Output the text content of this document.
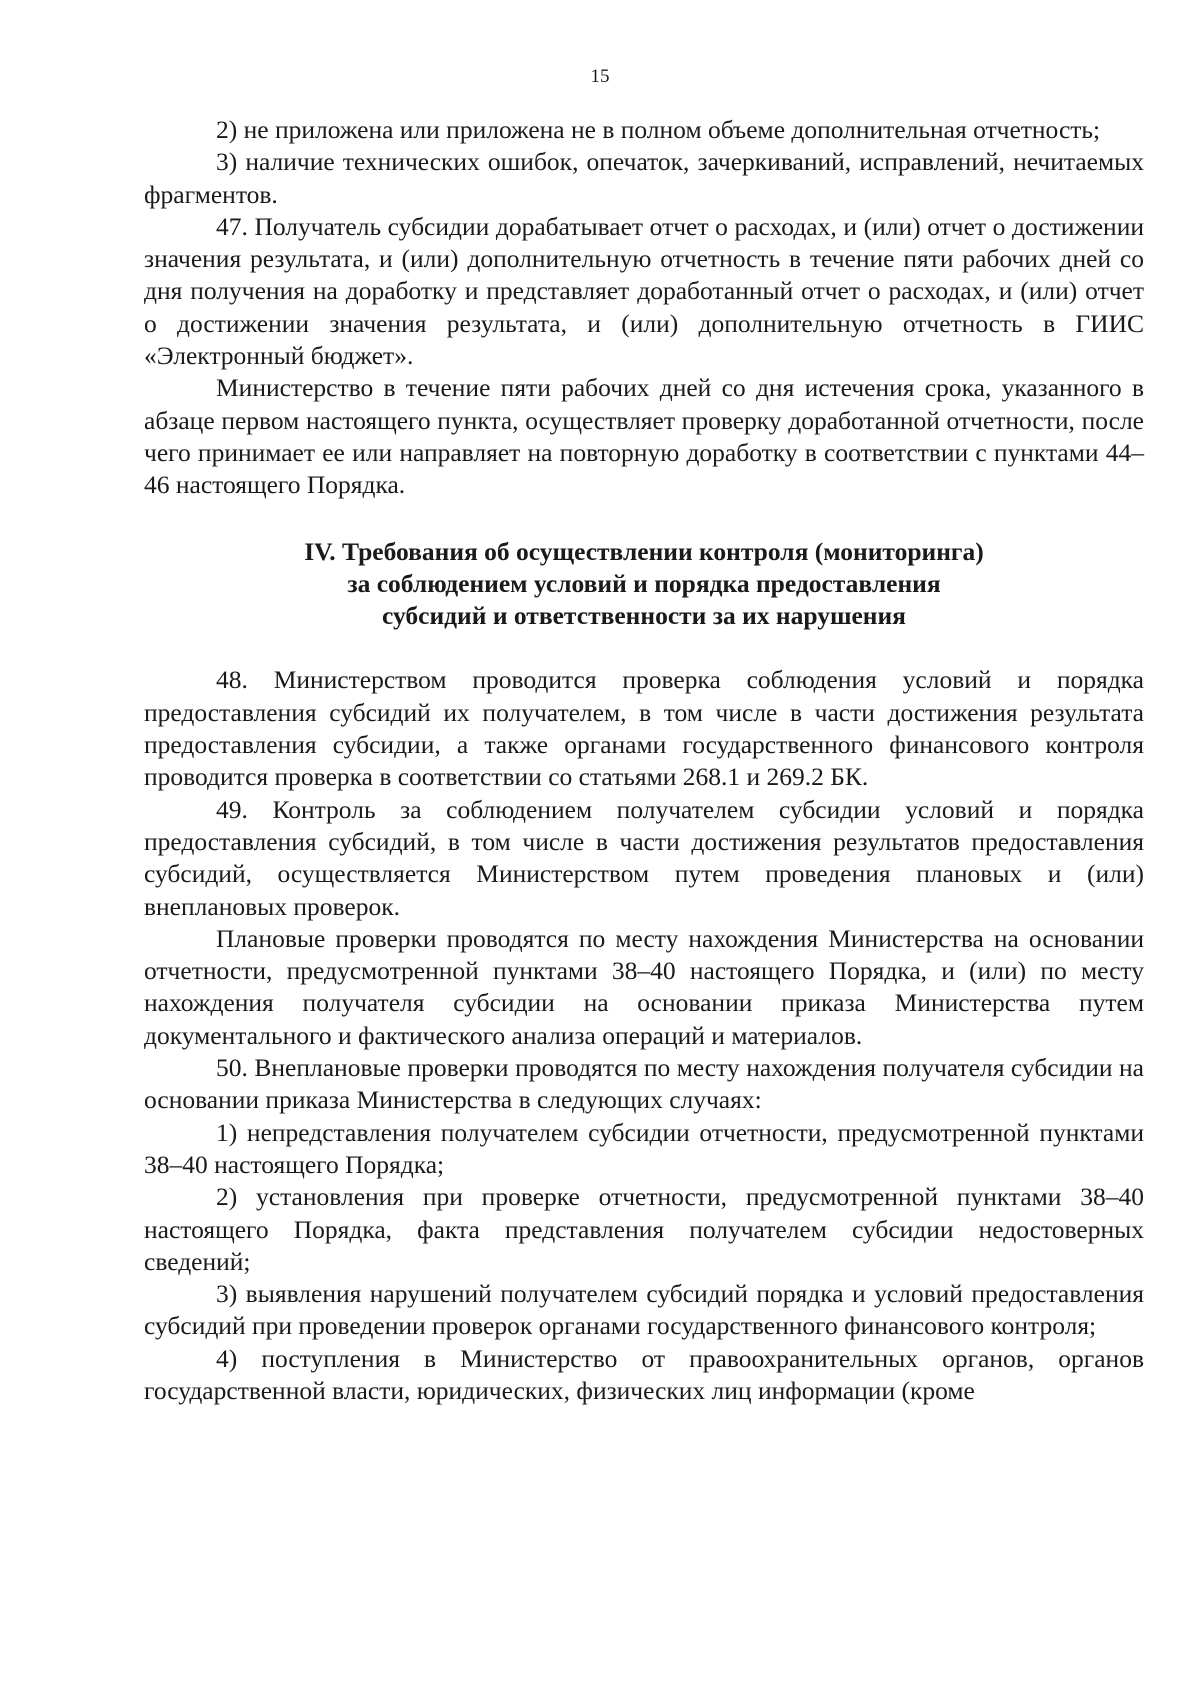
15

2) не приложена или приложена не в полном объеме дополнительная отчетность;

3) наличие технических ошибок, опечаток, зачеркиваний, исправлений, нечитаемых фрагментов.

47. Получатель субсидии дорабатывает отчет о расходах, и (или) отчет о достижении значения результата, и (или) дополнительную отчетность в течение пяти рабочих дней со дня получения на доработку и представляет доработанный отчет о расходах, и (или) отчет о достижении значения результата, и (или) дополнительную отчетность в ГИИС «Электронный бюджет».

Министерство в течение пяти рабочих дней со дня истечения срока, указанного в абзаце первом настоящего пункта, осуществляет проверку доработанной отчетности, после чего принимает ее или направляет на повторную доработку в соответствии с пунктами 44–46 настоящего Порядка.

IV. Требования об осуществлении контроля (мониторинга)
за соблюдением условий и порядка предоставления
субсидий и ответственности за их нарушения

48. Министерством проводится проверка соблюдения условий и порядка предоставления субсидий их получателем, в том числе в части достижения результата предоставления субсидии, а также органами государственного финансового контроля проводится проверка в соответствии со статьями 268.1 и 269.2 БК.

49. Контроль за соблюдением получателем субсидии условий и порядка предоставления субсидий, в том числе в части достижения результатов предоставления субсидий, осуществляется Министерством путем проведения плановых и (или) внеплановых проверок.

Плановые проверки проводятся по месту нахождения Министерства на основании отчетности, предусмотренной пунктами 38–40 настоящего Порядка, и (или) по месту нахождения получателя субсидии на основании приказа Министерства путем документального и фактического анализа операций и материалов.

50. Внеплановые проверки проводятся по месту нахождения получателя субсидии на основании приказа Министерства в следующих случаях:

1) непредставления получателем субсидии отчетности, предусмотренной пунктами 38–40 настоящего Порядка;

2) установления при проверке отчетности, предусмотренной пунктами 38–40 настоящего Порядка, факта представления получателем субсидии недостоверных сведений;

3) выявления нарушений получателем субсидий порядка и условий предоставления субсидий при проведении проверок органами государственного финансового контроля;

4) поступления в Министерство от правоохранительных органов, органов государственной власти, юридических, физических лиц информации (кроме
